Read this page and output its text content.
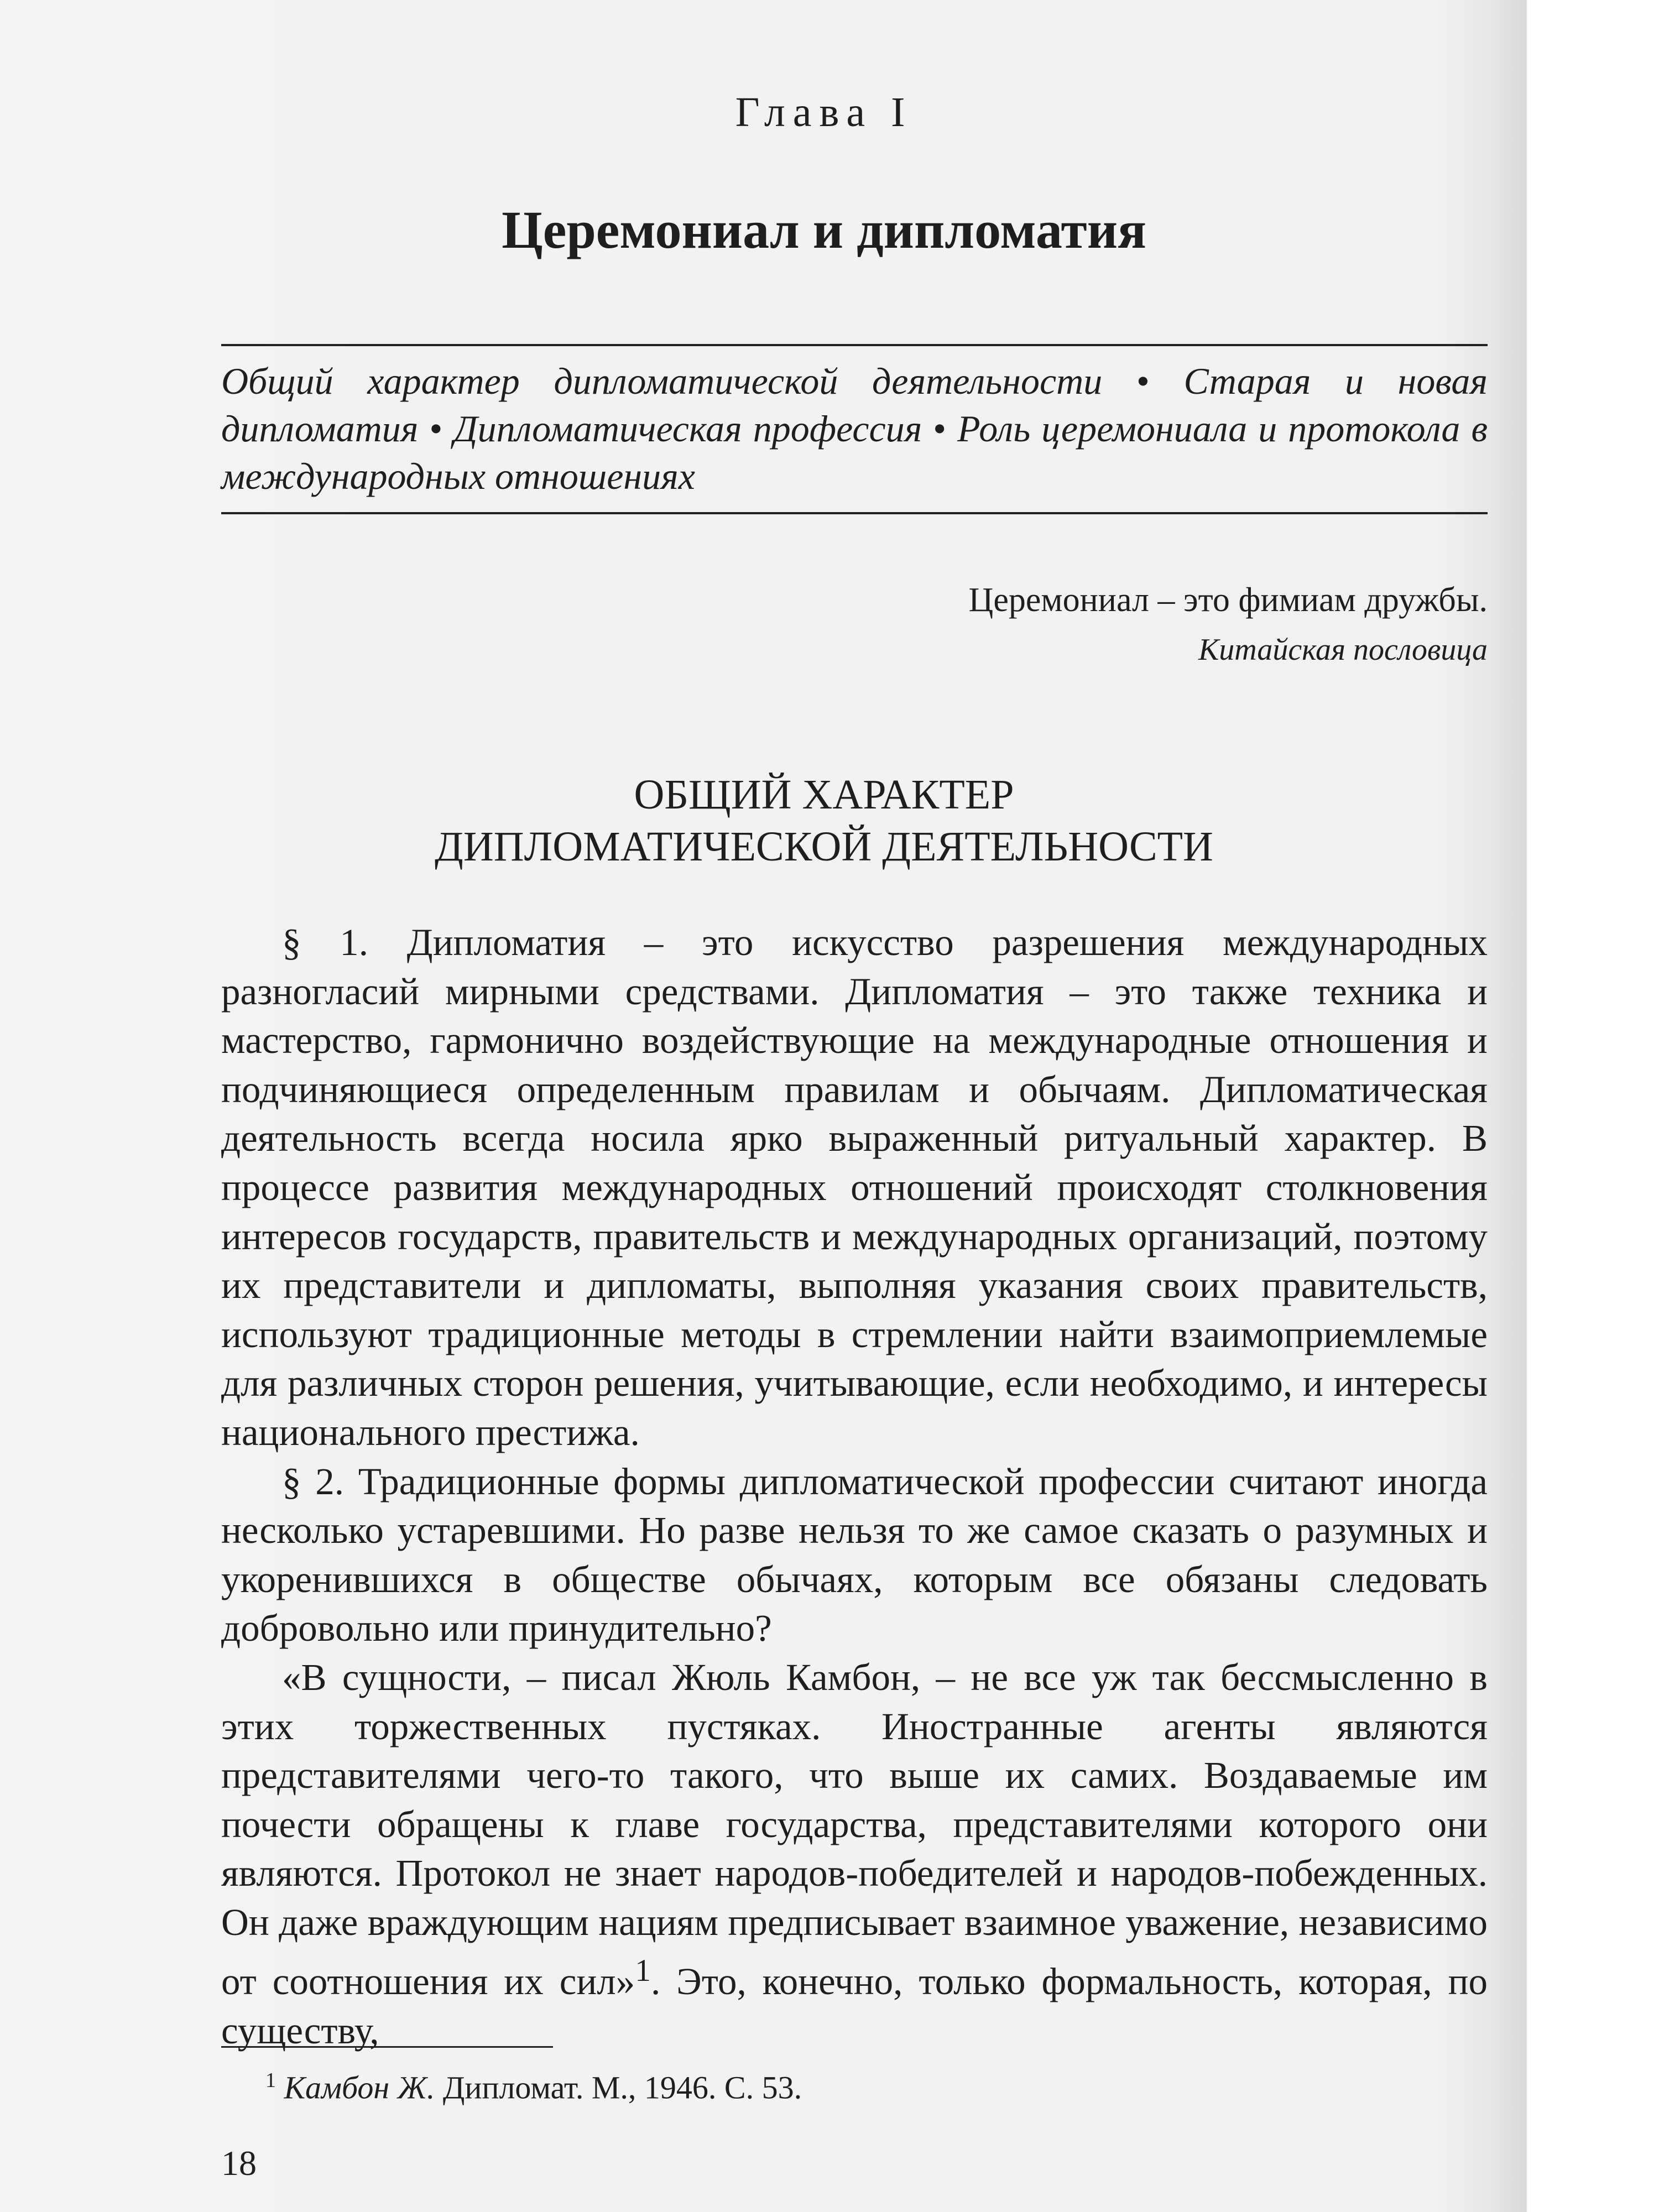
Глава I
Церемониал и дипломатия
Общий характер дипломатической деятельности • Старая и новая дипломатия • Дипломатическая профессия • Роль церемониала и протокола в международных отношениях
Церемониал – это фимиам дружбы.
Китайская пословица
ОБЩИЙ ХАРАКТЕР
ДИПЛОМАТИЧЕСКОЙ ДЕЯТЕЛЬНОСТИ

§ 1. Дипломатия – это искусство разрешения международных разногласий мирными средствами. Дипломатия – это также техника и мастерство, гармонично воздействующие на международные отношения и подчиняющиеся определенным правилам и обычаям. Дипломатическая деятельность всегда носила ярко выраженный ритуальный характер. В процессе развития международных отношений происходят столкновения интересов государств, правительств и международных организаций, поэтому их представители и дипломаты, выполняя указания своих правительств, используют традиционные методы в стремлении найти взаимоприемлемые для различных сторон решения, учитывающие, если необходимо, и интересы национального престижа.

§ 2. Традиционные формы дипломатической профессии считают иногда несколько устаревшими. Но разве нельзя то же самое сказать о разумных и укоренившихся в обществе обычаях, которым все обязаны следовать добровольно или принудительно?

«В сущности, – писал Жюль Камбон, – не все уж так бессмысленно в этих торжественных пустяках. Иностранные агенты являются представителями чего-то такого, что выше их самих. Воздаваемые им почести обращены к главе государства, представителями которого они являются. Протокол не знает народов-победителей и народов-побежденных. Он даже враждующим нациям предписывает взаимное уважение, независимо от соотношения их сил»$^1$. Это, конечно, только формальность, которая, по существу,

$^1$ Камбон Ж. Дипломат. М., 1946. С. 53.
18
